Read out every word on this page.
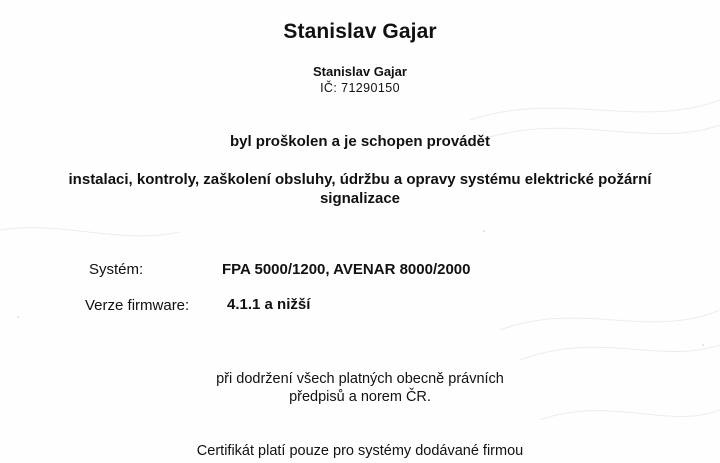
Stanislav Gajar
Stanislav Gajar
IČ: 71290150
byl proškolen a je schopen provádět
instalaci, kontroly, zaškolení obsluhy, údržbu a opravy systému elektrické požární
signalizace
Systém:	FPA 5000/1200, AVENAR 8000/2000
Verze firmware:	4.1.1 a nižší
při dodržení všech platných obecně právních
předpisů a norem ČR.
Certifikát platí pouze pro systémy dodávané firmou
